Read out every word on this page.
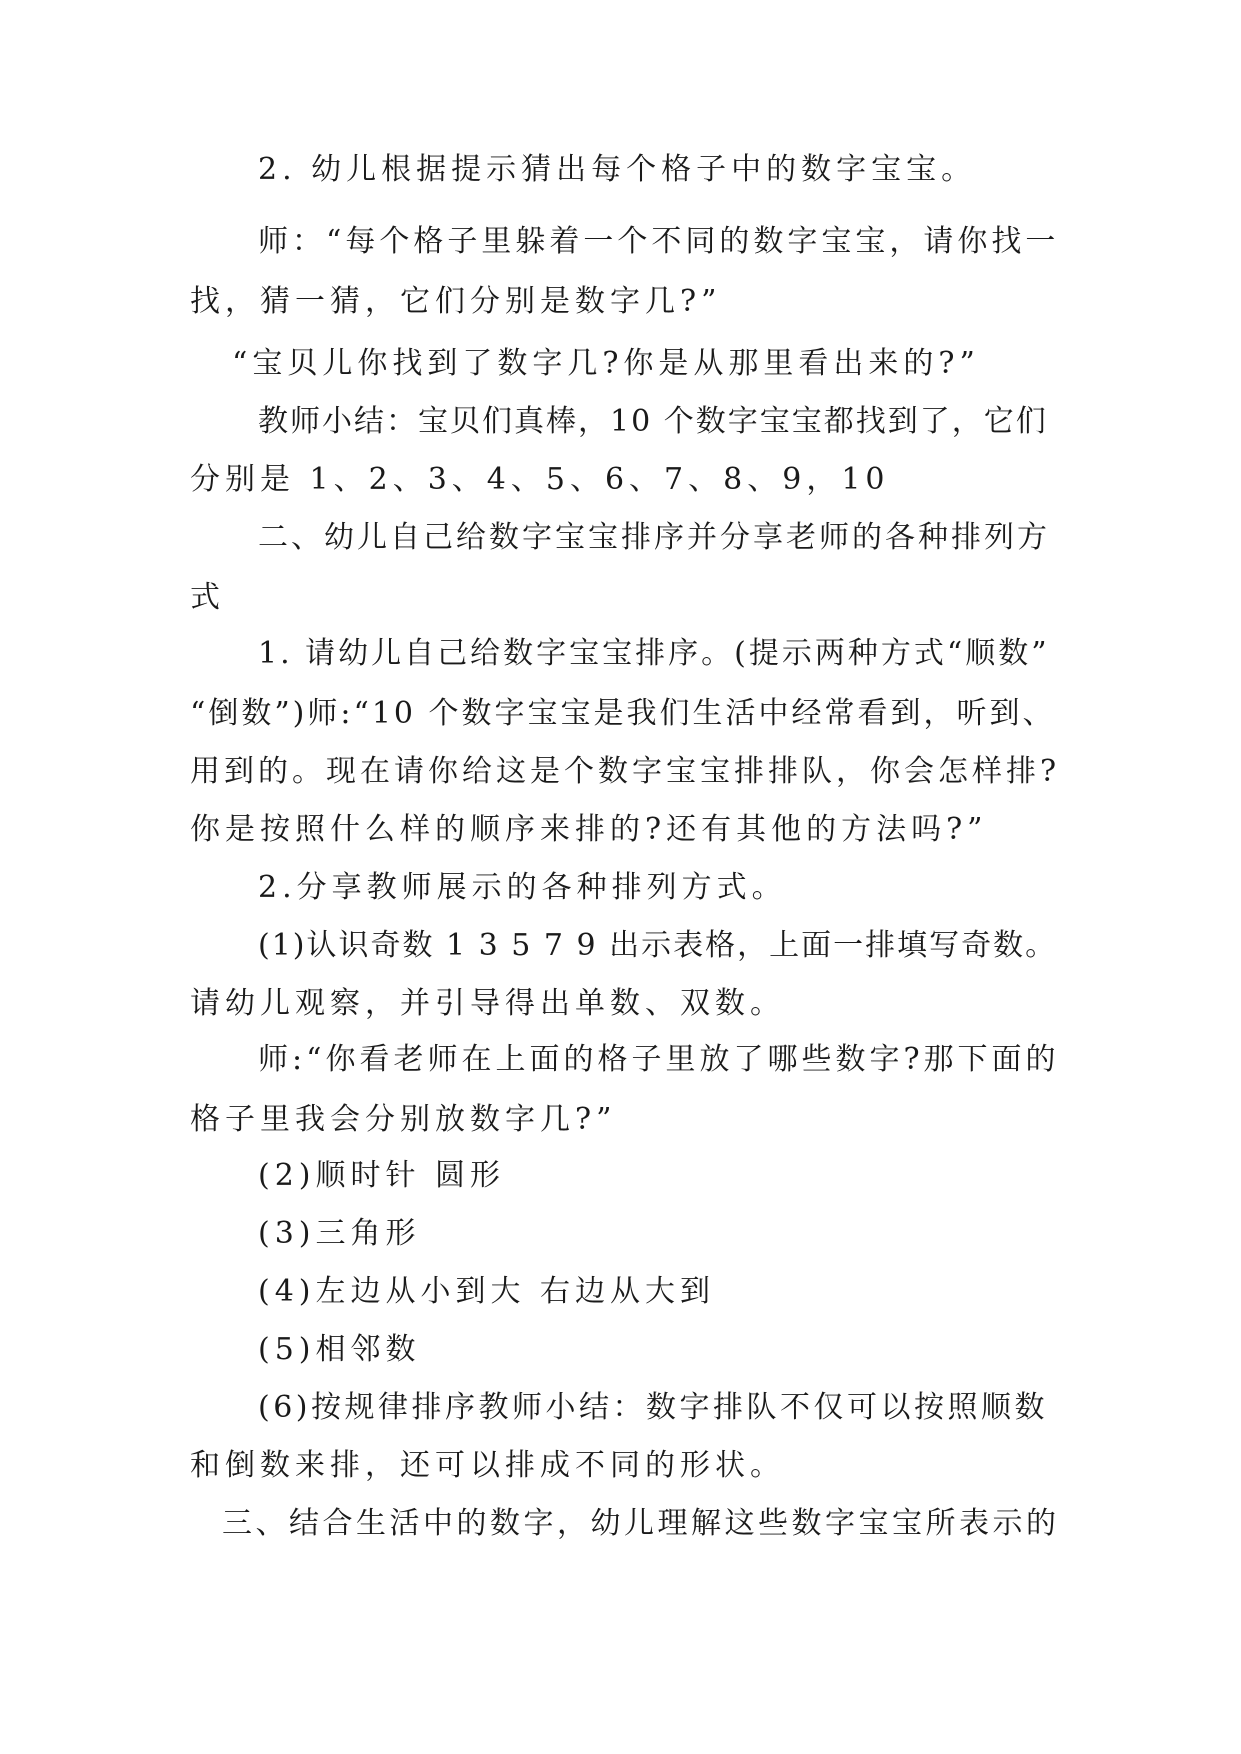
2. 幼儿根据提示猜出每个格子中的数字宝宝。
师：“每个格子里躲着一个不同的数字宝宝，请你找一
找，猜一猜，它们分别是数字几?”
“宝贝儿你找到了数字几?你是从那里看出来的?”
教师小结：宝贝们真棒，10 个数字宝宝都找到了，它们
分别是 1、2、3、4、5、6、7、8、9，10
二、幼儿自己给数字宝宝排序并分享老师的各种排列方
式
1. 请幼儿自己给数字宝宝排序。(提示两种方式“顺数”
“倒数”)师:“10 个数字宝宝是我们生活中经常看到，听到、
用到的。现在请你给这是个数字宝宝排排队，你会怎样排?
你是按照什么样的顺序来排的?还有其他的方法吗?”
2.分享教师展示的各种排列方式。
(1)认识奇数 1 3 5 7 9 出示表格，上面一排填写奇数。
请幼儿观察，并引导得出单数、双数。
师:“你看老师在上面的格子里放了哪些数字?那下面的
格子里我会分别放数字几?”
(2)顺时针 圆形
(3)三角形
(4)左边从小到大 右边从大到
(5)相邻数
(6)按规律排序教师小结：数字排队不仅可以按照顺数
和倒数来排，还可以排成不同的形状。
三、结合生活中的数字，幼儿理解这些数字宝宝所表示的
